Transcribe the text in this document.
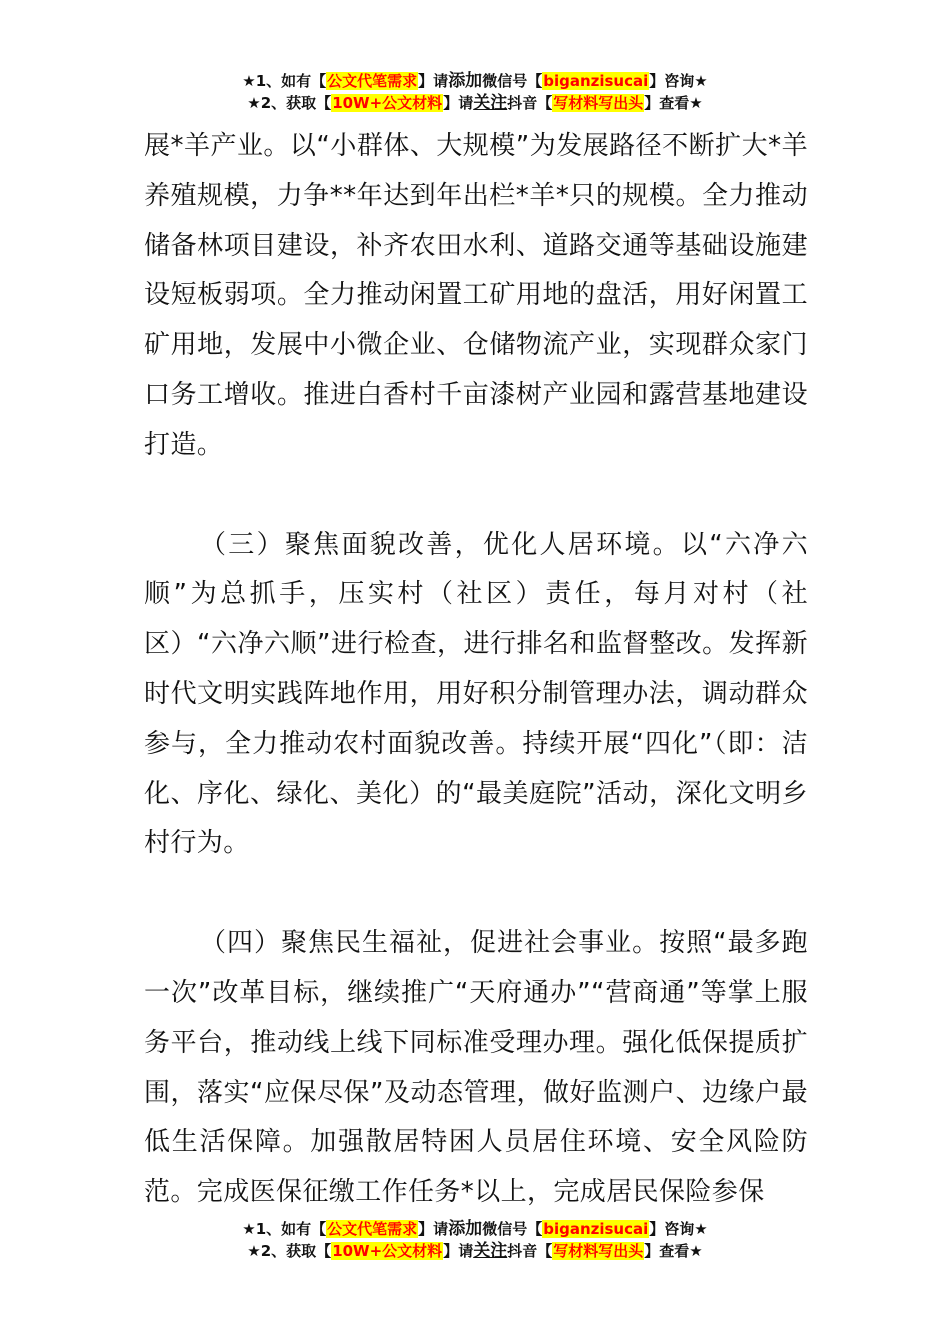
★1、如有【公文代笔需求】请添加微信号【biganzisucai】咨询★
★2、获取【10W+公文材料】请关注抖音【写材料写出头】查看★

展*羊产业。以“小群体、大规模”为发展路径不断扩大*羊养殖规模，力争**年达到年出栏*羊*只的规模。全力推动储备林项目建设，补齐农田水利、道路交通等基础设施建设短板弱项。全力推动闲置工矿用地的盘活，用好闲置工矿用地，发展中小微企业、仓储物流产业，实现群众家门口务工增收。推进白香村千亩漆树产业园和露营基地建设打造。

（三）聚焦面貌改善，优化人居环境。以“六净六顺”为总抓手，压实村（社区）责任，每月对村（社区）“六净六顺”进行检查，进行排名和监督整改。发挥新时代文明实践阵地作用，用好积分制管理办法，调动群众参与，全力推动农村面貌改善。持续开展“四化”（即：洁化、序化、绿化、美化）的“最美庭院”活动，深化文明乡村行为。

（四）聚焦民生福祉，促进社会事业。按照“最多跑一次”改革目标，继续推广“天府通办”“营商通”等掌上服务平台，推动线上线下同标准受理办理。强化低保提质扩围，落实“应保尽保”及动态管理，做好监测户、边缘户最低生活保障。加强散居特困人员居住环境、安全风险防范。完成医保征缴工作任务*以上，完成居民保险参保

★1、如有【公文代笔需求】请添加微信号【biganzisucai】咨询★
★2、获取【10W+公文材料】请关注抖音【写材料写出头】查看★
